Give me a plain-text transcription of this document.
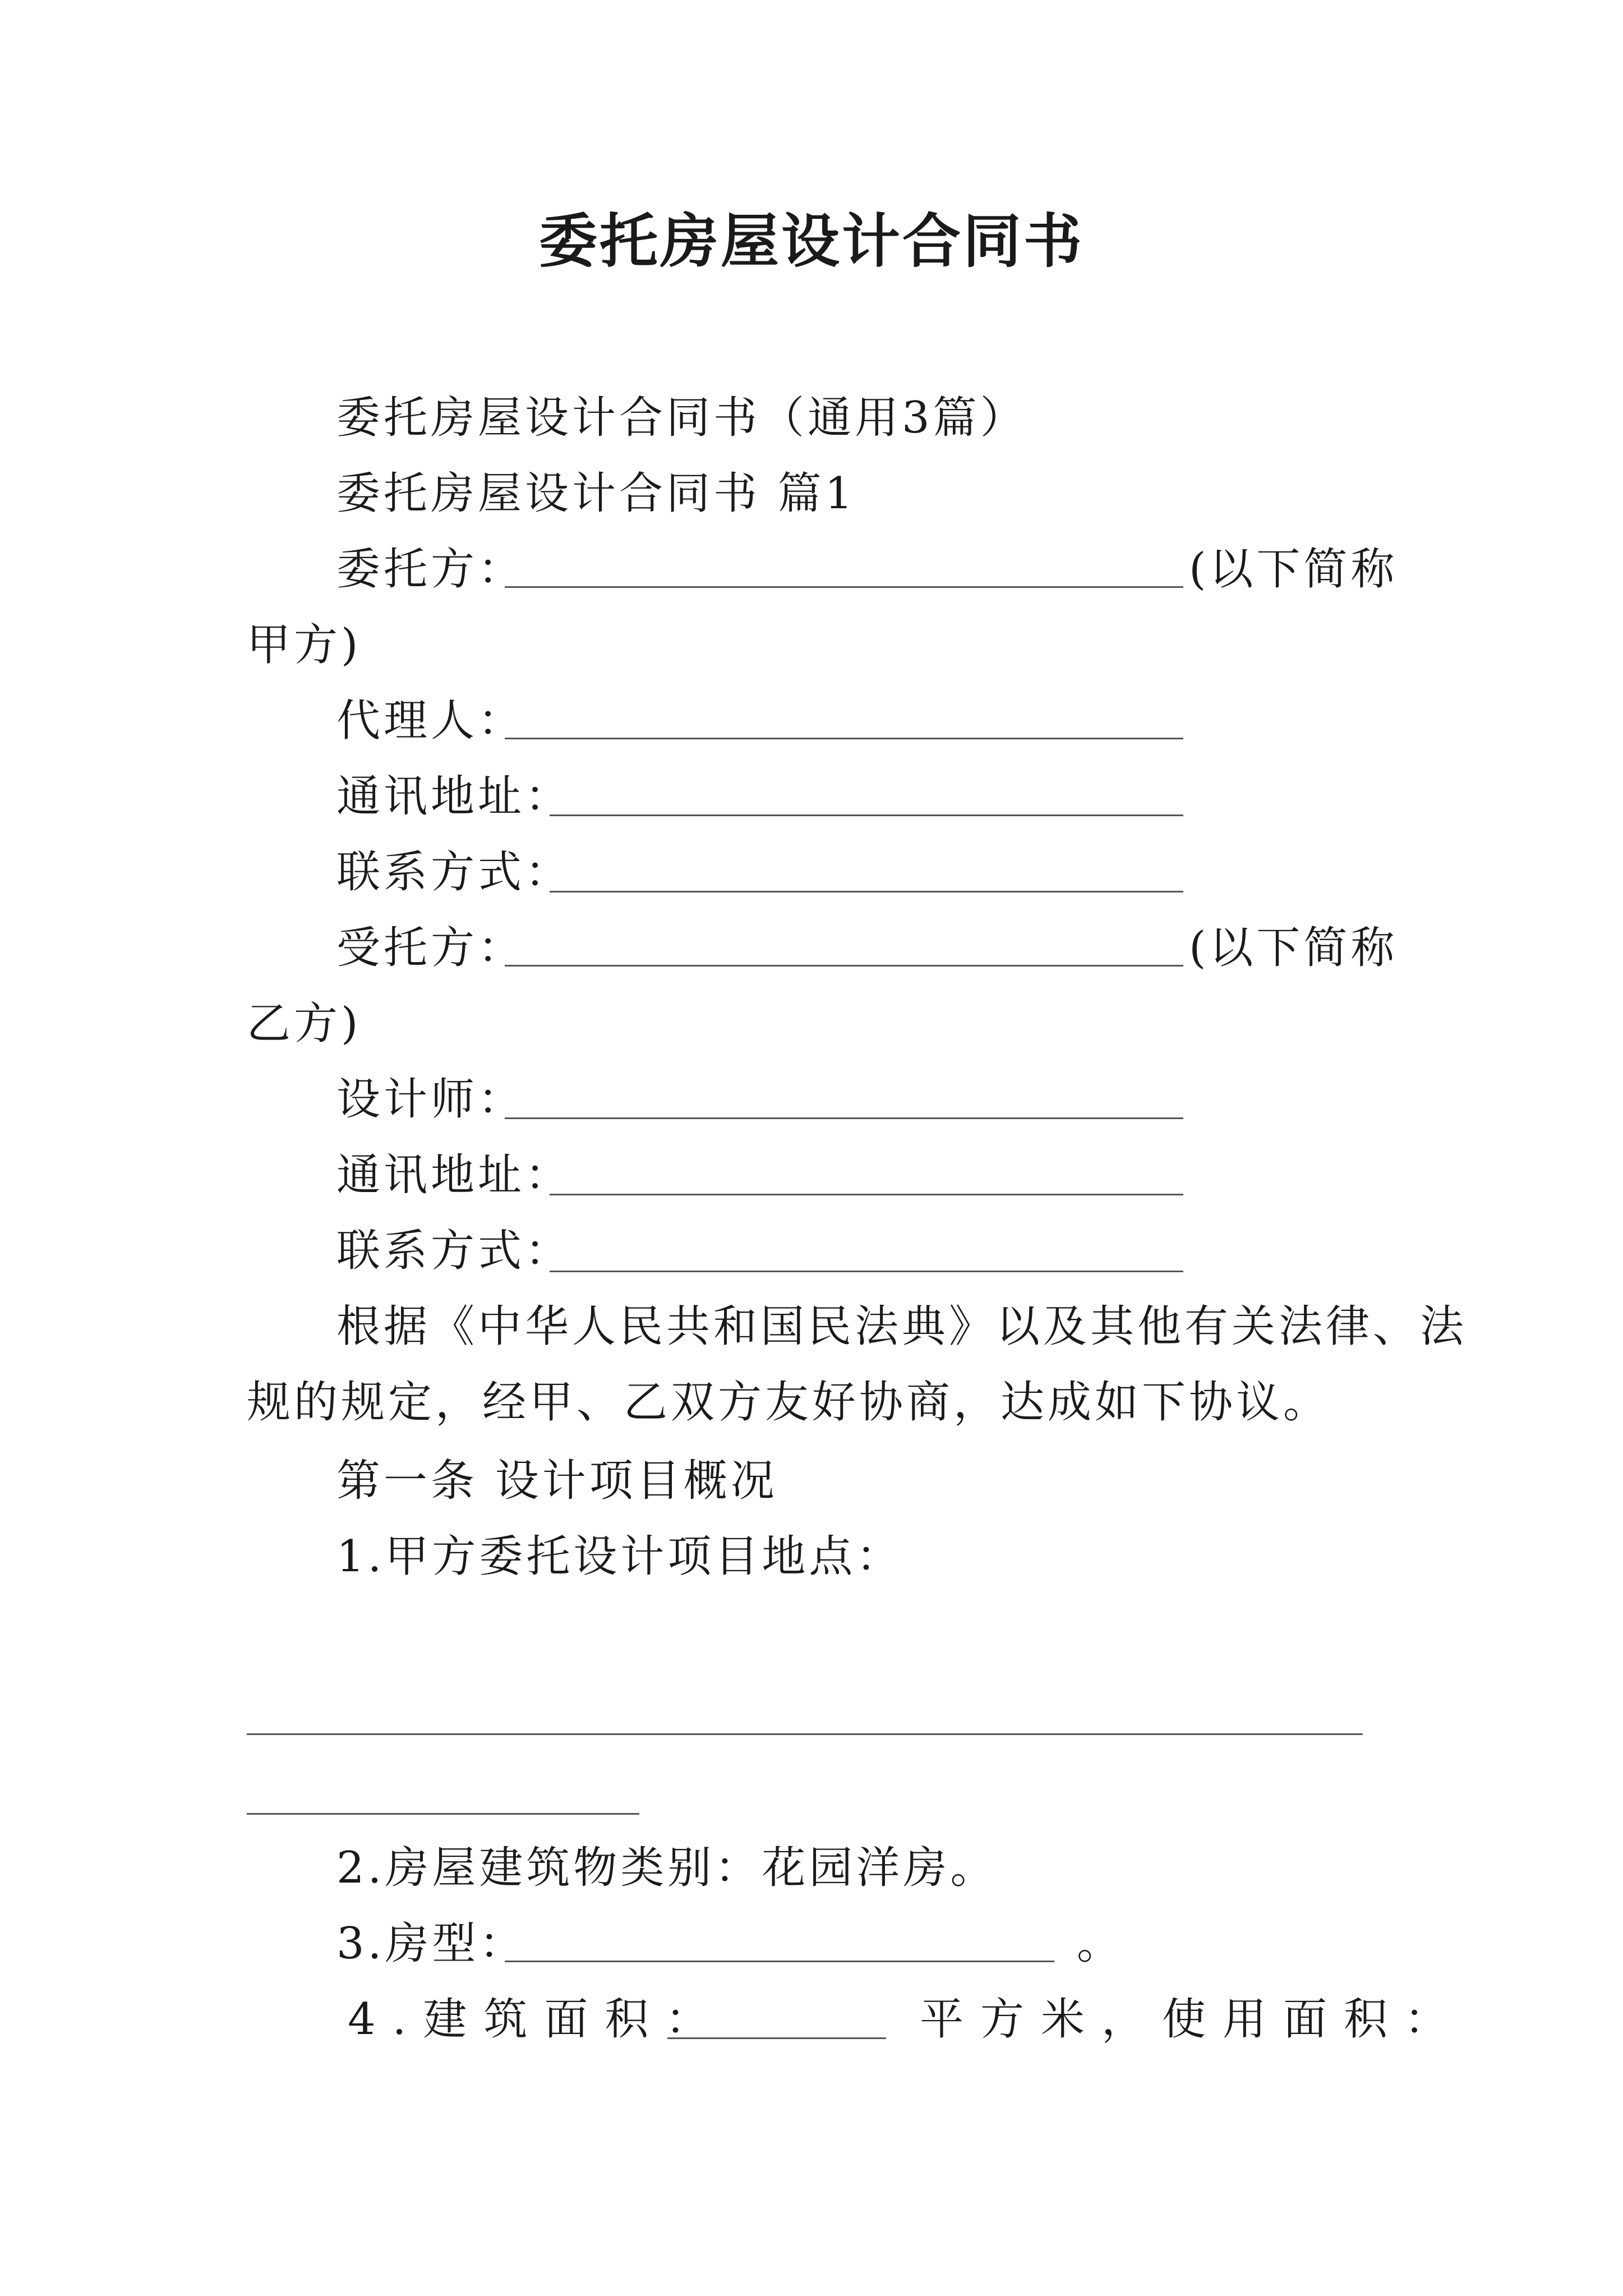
委托房屋设计合同书
委托房屋设计合同书（通用3篇）
委托房屋设计合同书 篇1
委托方：	(以下简称
甲方)
代理人：
通讯地址：
联系方式：
受托方：	(以下简称
乙方)
设计师：
通讯地址：
联系方式：
根据《中华人民共和国民法典》以及其他有关法律、法
规的规定，经甲、乙双方友好协商，达成如下协议。
第一条 设计项目概况
1.甲方委托设计项目地点：
2.房屋建筑物类别：花园洋房。
3.房型：	。
4.建筑面积：	平方米，使用面积：
